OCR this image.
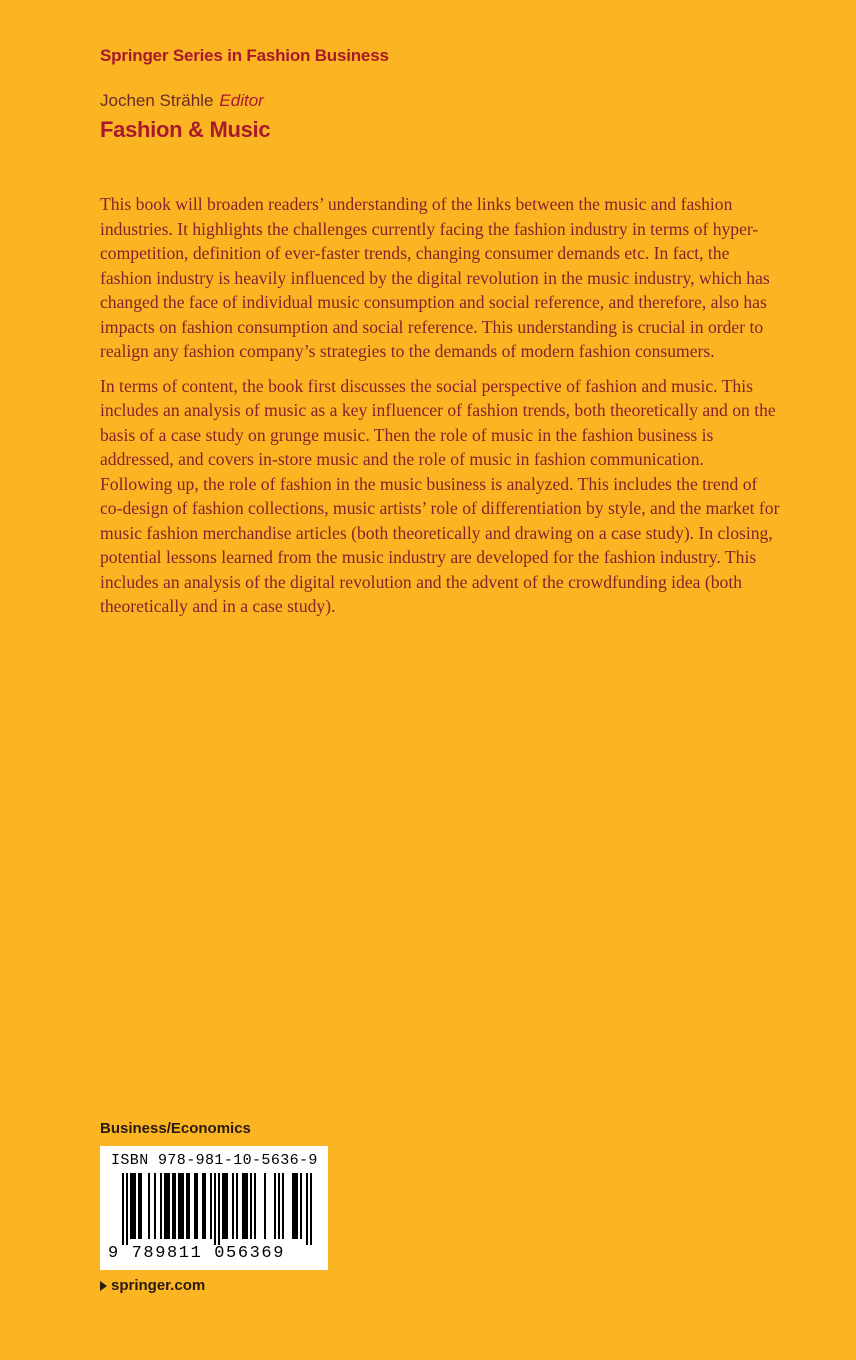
Springer Series in Fashion Business
Jochen Strähle Editor
Fashion & Music

This book will broaden readers’ understanding of the links between the music and fashion industries. It highlights the challenges currently facing the fashion industry in terms of hyper-competition, definition of ever-faster trends, changing consumer demands etc. In fact, the fashion industry is heavily influenced by the digital revolution in the music industry, which has changed the face of individual music consumption and social reference, and therefore, also has impacts on fashion consumption and social reference. This understanding is crucial in order to realign any fashion company’s strategies to the demands of modern fashion consumers.

In terms of content, the book first discusses the social perspective of fashion and music. This includes an analysis of music as a key influencer of fashion trends, both theoretically and on the basis of a case study on grunge music. Then the role of music in the fashion business is addressed, and covers in-store music and the role of music in fashion communication. Following up, the role of fashion in the music business is analyzed. This includes the trend of co-design of fashion collections, music artists’ role of differentiation by style, and the market for music fashion merchandise articles (both theoretically and drawing on a case study). In closing, potential lessons learned from the music industry are developed for the fashion industry. This includes an analysis of the digital revolution and the advent of the crowdfunding idea (both theoretically and in a case study).

Business/Economics
ISBN 978-981-10-5636-9
9 789811 056369
springer.com
